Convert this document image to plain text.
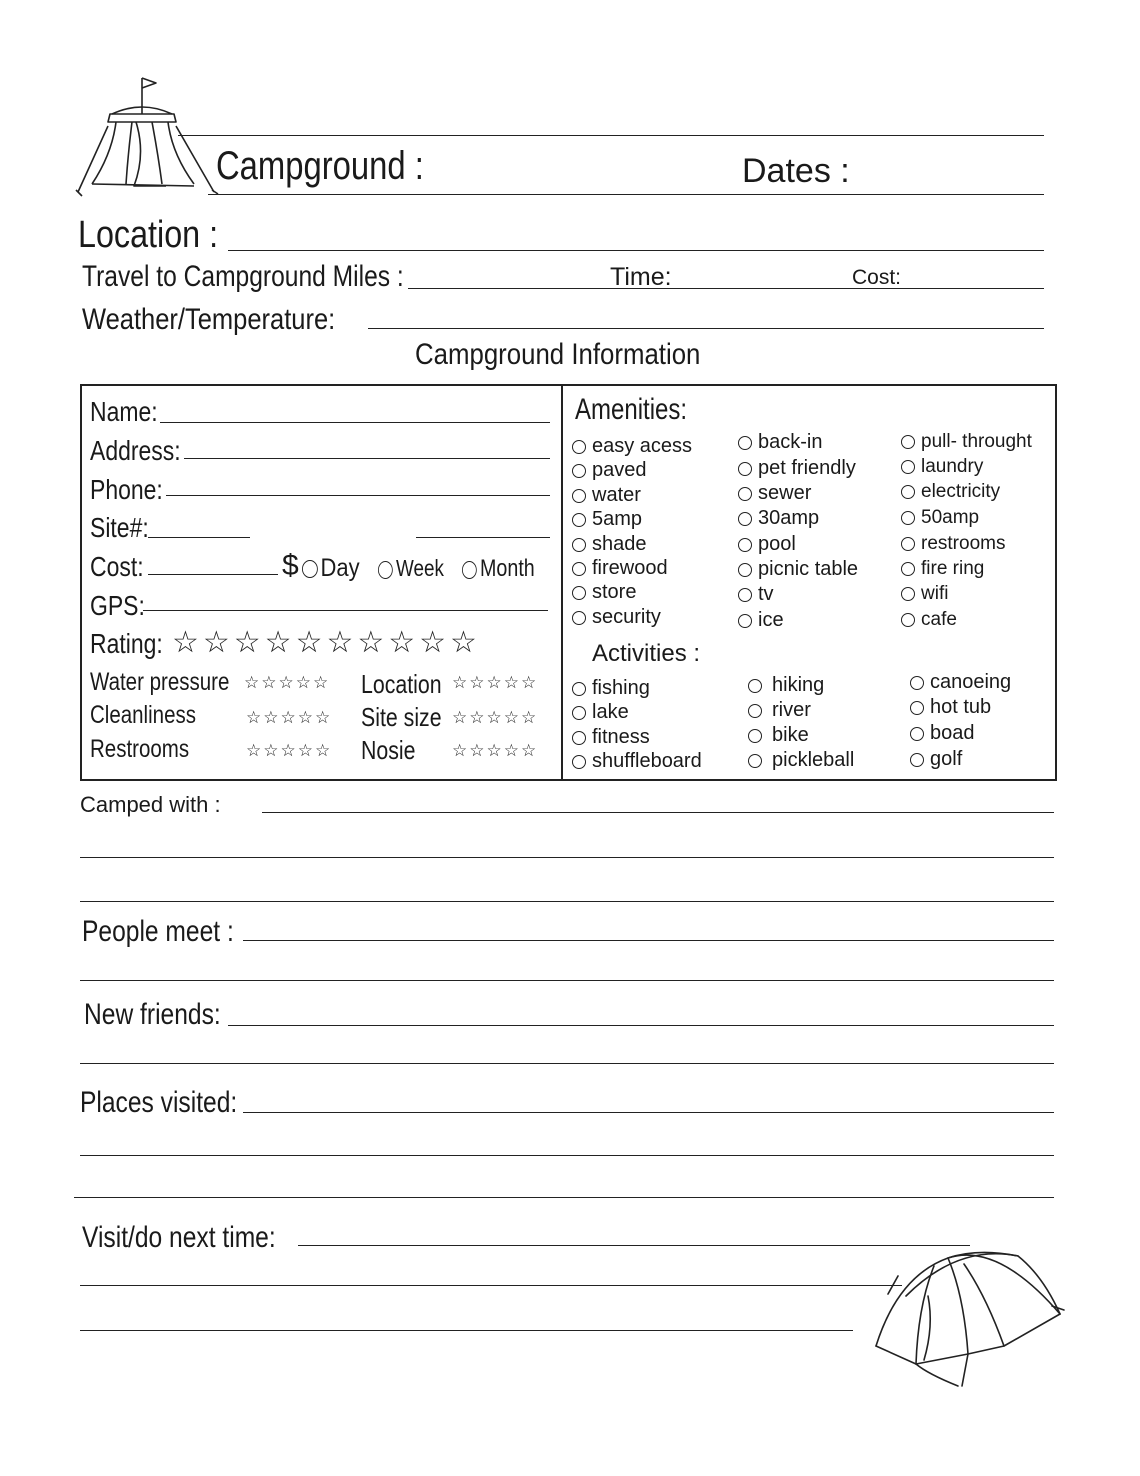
Campground :	Dates :
Location :
Travel to Campground Miles :	Time:	Cost:
Weather/Temperature:
Campground Information
Name:
Address:
Phone:
Site#:
Cost:	$ Day	Week	Month
GPS:
Rating: ☆☆☆☆☆☆☆☆☆☆
Water pressure ☆☆☆☆☆ Location ☆☆☆☆☆
Cleanliness	☆☆☆☆☆ Site size ☆☆☆☆☆
Restrooms	☆☆☆☆☆ Nosie ☆☆☆☆☆
Amenities:
easy acess
paved
water
5amp
shade
firewood
store
security
back-in
pet friendly
sewer
30amp
pool
picnic table
tv
ice
pull- throught
laundry
electricity
50amp
restrooms
fire ring
wifi
cafe
Activities :
fishing
lake
fitness
shuffleboard
hiking
river
bike
pickleball
canoeing
hot tub
boad
golf
Camped with :
People meet :
New friends:
Places visited:
Visit/do next time:
